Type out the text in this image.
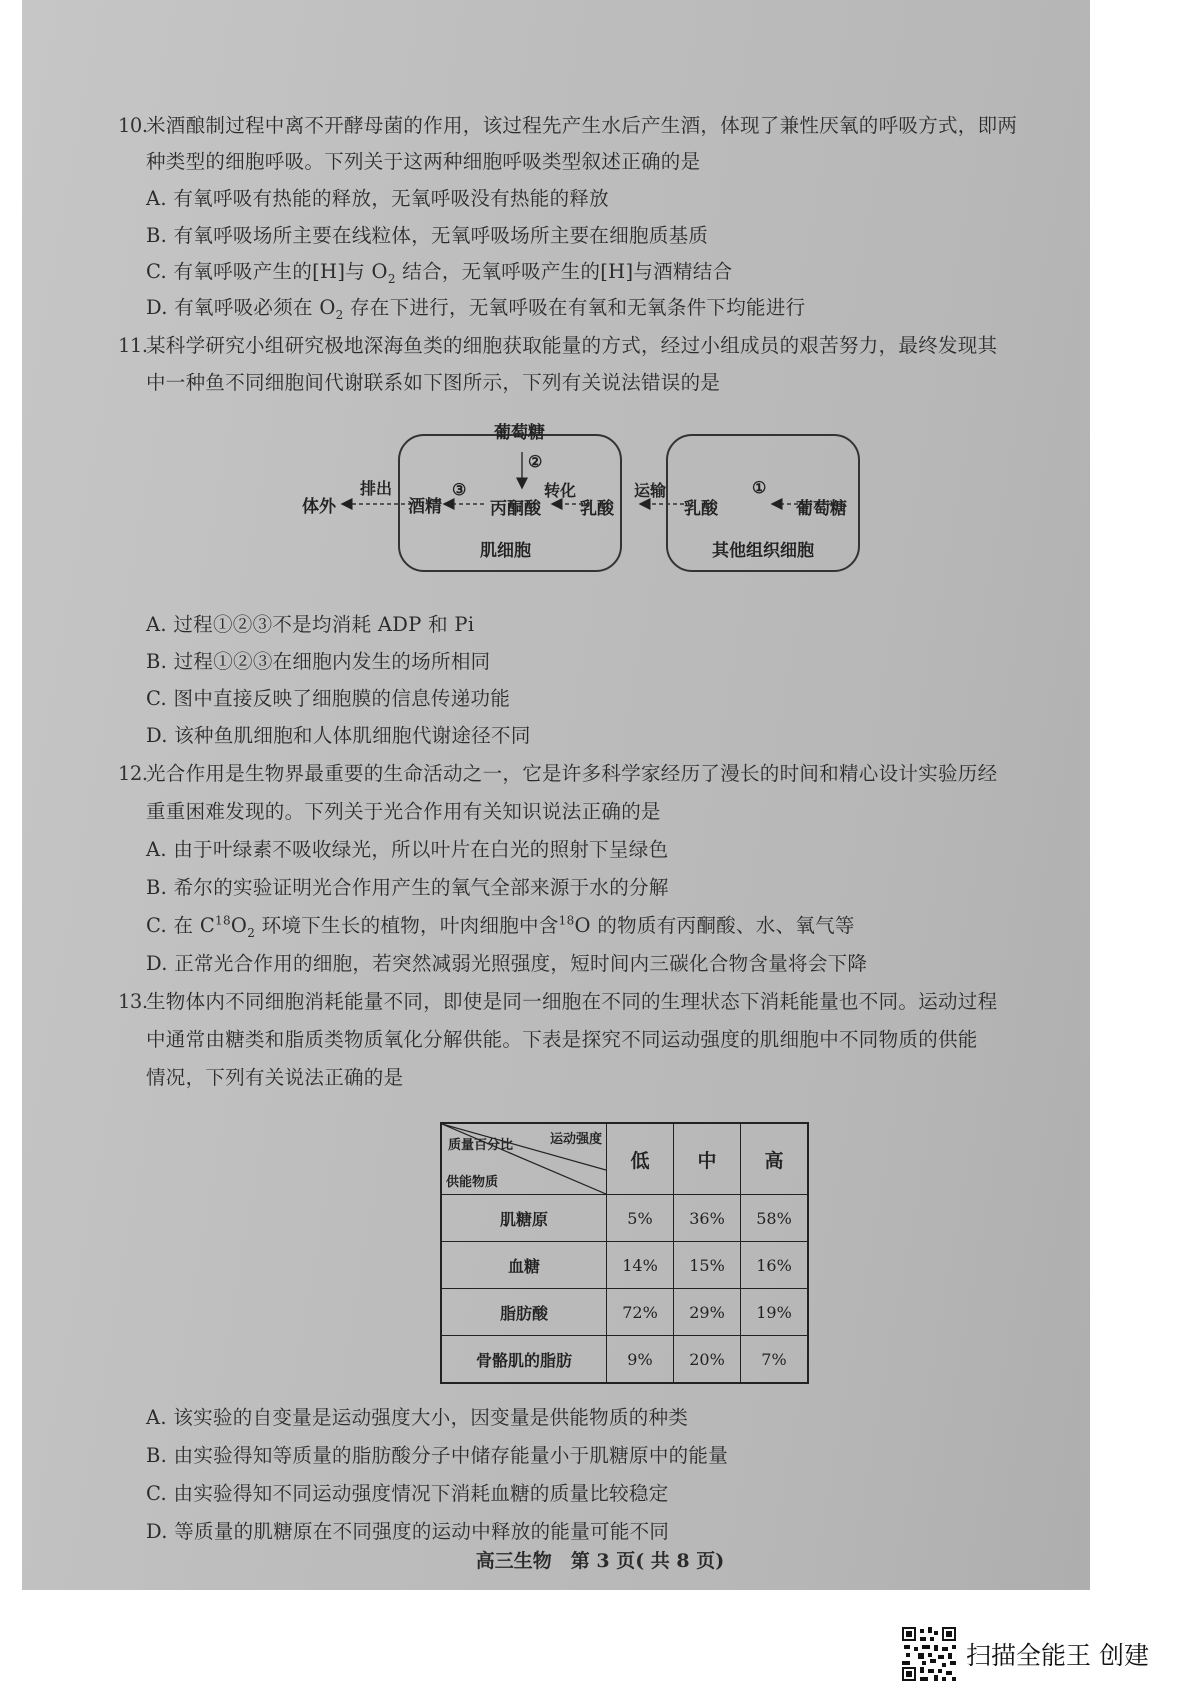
10.米酒酿制过程中离不开酵母菌的作用，该过程先产生水后产生酒，体现了兼性厌氧的呼吸方式，即两
种类型的细胞呼吸。下列关于这两种细胞呼吸类型叙述正确的是
A. 有氧呼吸有热能的释放，无氧呼吸没有热能的释放
B. 有氧呼吸场所主要在线粒体，无氧呼吸场所主要在细胞质基质
C. 有氧呼吸产生的[H]与 $O_2$ 结合，无氧呼吸产生的[H]与酒精结合
D. 有氧呼吸必须在 $O_2$ 存在下进行，无氧呼吸在有氧和无氧条件下均能进行
11.某科学研究小组研究极地深海鱼类的细胞获取能量的方式，经过小组成员的艰苦努力，最终发现其
中一种鱼不同细胞间代谢联系如下图所示，下列有关说法错误的是
体外
排出
酒精
③
葡萄糖
②
丙酮酸
转化
乳酸
肌细胞
运输
乳酸
①
葡萄糖
其他组织细胞
A. 过程①②③不是均消耗 ADP 和 Pi
B. 过程①②③在细胞内发生的场所相同
C. 图中直接反映了细胞膜的信息传递功能
D. 该种鱼肌细胞和人体肌细胞代谢途径不同
12.光合作用是生物界最重要的生命活动之一，它是许多科学家经历了漫长的时间和精心设计实验历经
重重困难发现的。下列关于光合作用有关知识说法正确的是
A. 由于叶绿素不吸收绿光，所以叶片在白光的照射下呈绿色
B. 希尔的实验证明光合作用产生的氧气全部来源于水的分解
C. 在 $C^{18}O_2$ 环境下生长的植物，叶肉细胞中含$^{18}$O 的物质有丙酮酸、水、氧气等
D. 正常光合作用的细胞，若突然减弱光照强度，短时间内三碳化合物含量将会下降
13.生物体内不同细胞消耗能量不同，即使是同一细胞在不同的生理状态下消耗能量也不同。运动过程
中通常由糖类和脂质类物质氧化分解供能。下表是探究不同运动强度的肌细胞中不同物质的供能
情况，下列有关说法正确的是
运动强度
质量百分比
供能物质	低	中	高
肌糖原	5%	36%	58%
血糖	14%	15%	16%
脂肪酸	72%	29%	19%
骨骼肌的脂肪	9%	20%	7%
A. 该实验的自变量是运动强度大小，因变量是供能物质的种类
B. 由实验得知等质量的脂肪酸分子中储存能量小于肌糖原中的能量
C. 由实验得知不同运动强度情况下消耗血糖的质量比较稳定
D. 等质量的肌糖原在不同强度的运动中释放的能量可能不同
高三生物　第 3 页( 共 8 页)
扫描全能王 创建
